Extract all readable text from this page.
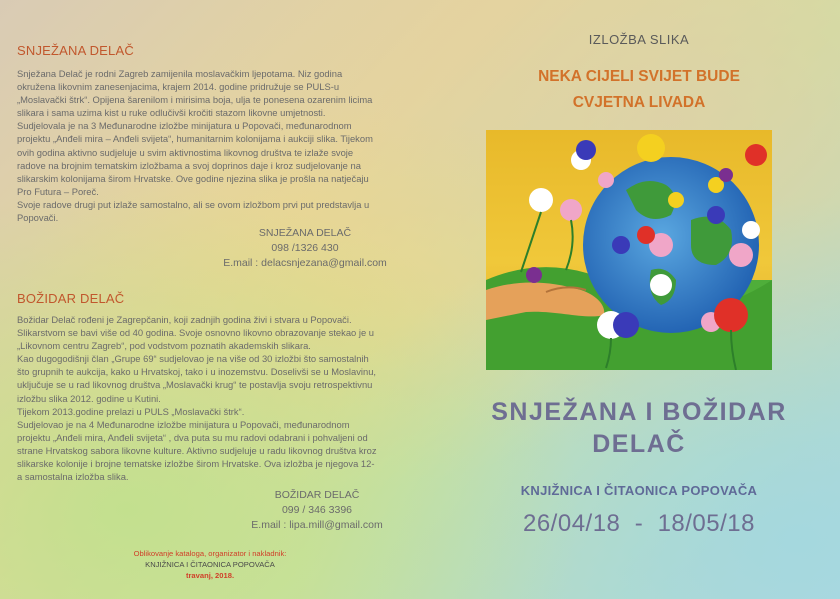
SNJEŽANA DELAČ

Snježana Delač je rodni Zagreb zamijenila moslavačkim ljepotama. Niz godina

okružena likovnim zanesenjacima, krajem 2014. godine pridružuje se PULS-u

„Moslavački štrk“. Opijena šarenilom i mirisima boja, ulja te ponesena ozarenim licima

slikara i sama uzima kist u ruke odlučivši kročiti stazom likovne umjetnosti.

Sudjelovala je na 3 Međunarodne izložbe minijatura u Popovači, međunarodnom

projektu „Anđeli mira – Anđeli svijeta“, humanitarnim kolonijama i aukciji slika. Tijekom

ovih godina aktivno sudjeluje u svim aktivnostima likovnog društva te izlaže svoje

radove na brojnim tematskim izložbama a svoj doprinos daje i kroz sudjelovanje na

slikarskim kolonijama širom Hrvatske. Ove godine njezina slika je prošla na natječaju

Pro Futura – Poreč.

Svoje radove drugi put izlaže samostalno, ali se ovom izložbom prvi put predstavlja u

Popovači.

SNJEŽANA DELAČ
098 /1326 430
E.mail : delacsnjezana@gmail.com
BOŽIDAR DELAČ

Božidar Delač rođeni je Zagrepčanin, koji zadnjih godina živi i stvara u Popovači.

Slikarstvom se bavi više od 40 godina. Svoje osnovno likovno obrazovanje stekao je u

„Likovnom centru Zagreb“, pod vodstvom poznatih akademskih slikara.

Kao dugogodišnji član „Grupe 69“ sudjelovao je na više od 30 izložbi što samostalnih

što grupnih te aukcija, kako u Hrvatskoj, tako i u inozemstvu. Doselivši se u Moslavinu,

uključuje se u rad likovnog društva „Moslavački krug“ te postavlja svoju retrospektivnu

izložbu slika 2012. godine u Kutini.

Tijekom 2013.godine prelazi u PULS „Moslavački štrk“.

Sudjelovao je na 4 Međunarodne izložbe minijatura u Popovači, međunarodnom

projektu „Anđeli mira, Anđeli svijeta“ , dva puta su mu radovi odabrani i pohvaljeni od

strane Hrvatskog sabora likovne kulture. Aktivno sudjeluje u radu likovnog društva kroz

slikarske kolonije i brojne tematske izložbe širom Hrvatske. Ova izložba je njegova 12-

a samostalna izložba slika.

BOŽIDAR DELAČ
099 / 346 3396
E.mail : lipa.mill@gmail.com
Oblikovanje kataloga, organizator i nakladnik:
KNJIŽNICA I ČITAONICA POPOVAČA
travanj, 2018.
IZLOŽBA SLIKA
NEKA CIJELI SVIJET BUDE
CVJETNA LIVADA
SNJEŽANA I BOŽIDAR
DELAČ
KNJIŽNICA I ČITAONICA POPOVAČA
26/04/18  -  18/05/18
